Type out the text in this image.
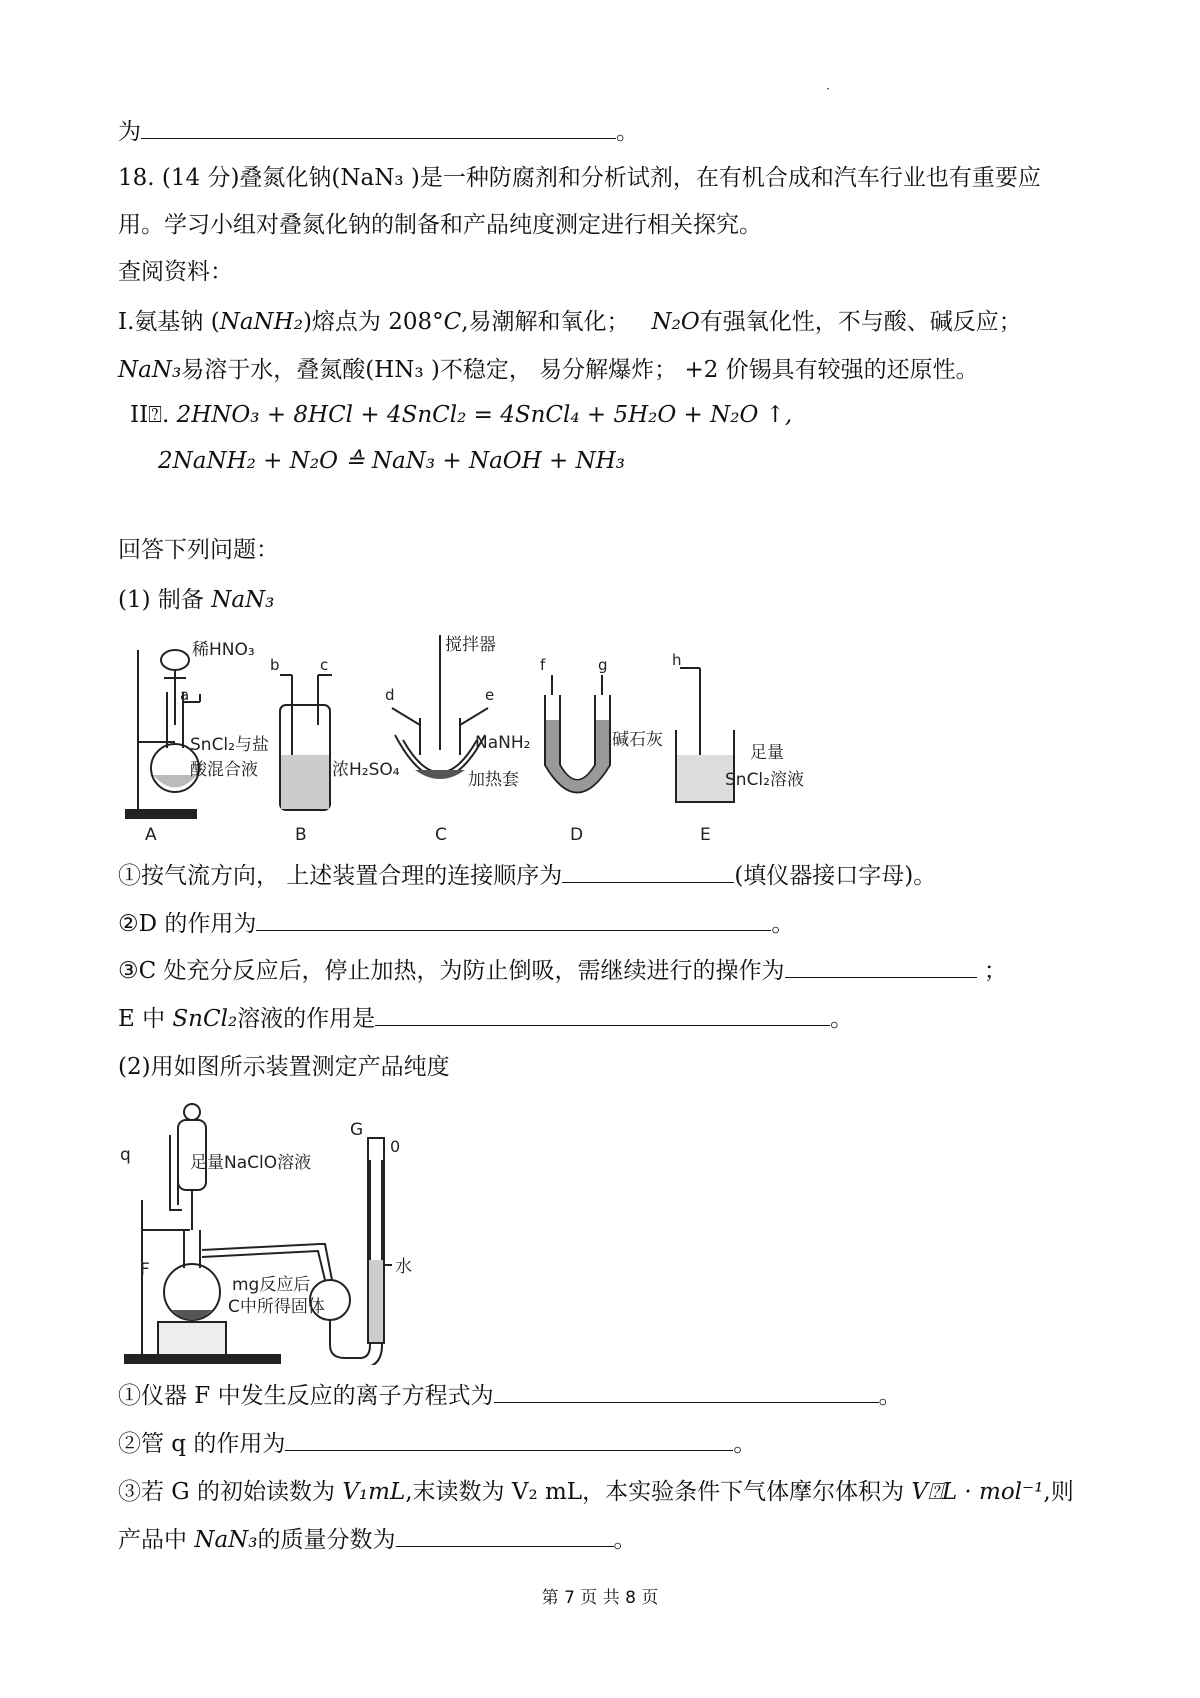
·
为	。
18. (14 分)叠氮化钠(NaN₃ )是一种防腐剂和分析试剂，在有机合成和汽车行业也有重要应
用。学习小组对叠氮化钠的制备和产品纯度测定进行相关探究。
查阅资料：
I.氨基钠 (NaNH₂)熔点为 208°C,易潮解和氧化； N₂O有强氧化性，不与酸、碱反应；
NaN₃易溶于水，叠氮酸(HN₃ )不稳定， 易分解爆炸； +2 价锡具有较强的还原性。
II⍰. 2HNO₃ + 8HCl + 4SnCl₂ = 4SnCl₄ + 5H₂O + N₂O ↑,
2NaNH₂ + N₂O ≙ NaN₃ + NaOH + NH₃
回答下列问题：
(1) 制备 NaN₃
稀HNO₃
a
SnCl₂与盐
酸混合液
A
b	c
浓H₂SO₄
B
搅拌器
d	e
NaNH₂
加热套
C
f	g
碱石灰
D
h
足量
SnCl₂溶液
E
①按气流方向， 上述装置合理的连接顺序为	(填仪器接口字母)。
②D 的作用为	。
③C 处充分反应后，停止加热，为防止倒吸，需继续进行的操作为	；
E 中 SnCl₂溶液的作用是	。
(2)用如图所示装置测定产品纯度
q	足量NaClO溶液
F
mg反应后
C中所得固体
G
0
水
①仪器 F 中发生反应的离子方程式为	。
②管 q 的作用为	。
③若 G 的初始读数为 V₁mL,末读数为 V₂ mL，本实验条件下气体摩尔体积为 V⍰L · mol⁻¹,则
产品中 NaN₃的质量分数为	。
第 7 页 共 8 页
